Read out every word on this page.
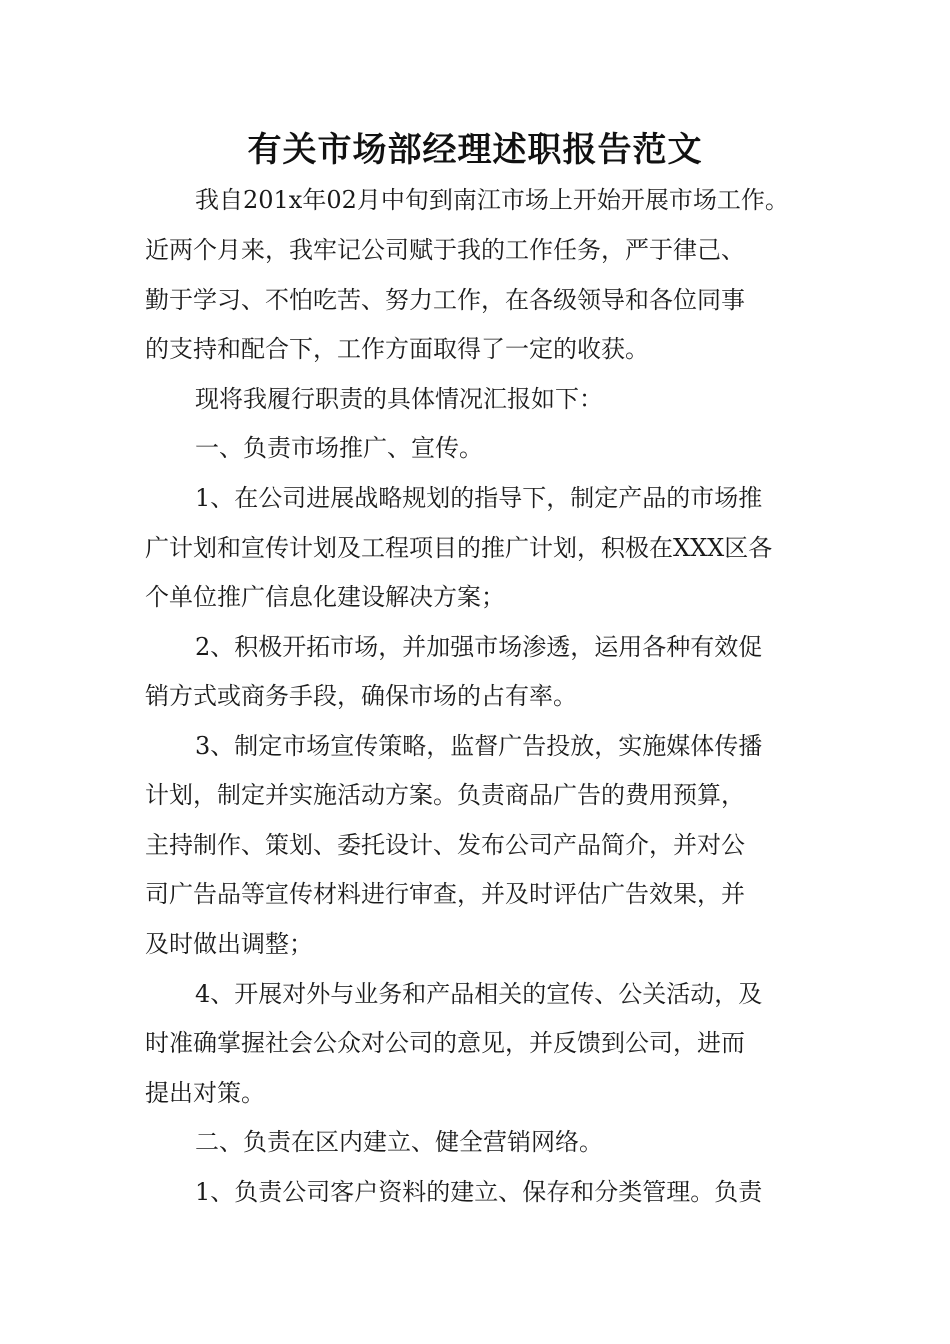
有关市场部经理述职报告范文
我自201x年02月中旬到南江市场上开始开展市场工作。
近两个月来，我牢记公司赋于我的工作任务，严于律己、
勤于学习、不怕吃苦、努力工作，在各级领导和各位同事
的支持和配合下，工作方面取得了一定的收获。
现将我履行职责的具体情况汇报如下：
一、负责市场推广、宣传。
1、在公司进展战略规划的指导下，制定产品的市场推
广计划和宣传计划及工程项目的推广计划，积极在XXX区各
个单位推广信息化建设解决方案；
2、积极开拓市场，并加强市场渗透，运用各种有效促
销方式或商务手段，确保市场的占有率。
3、制定市场宣传策略，监督广告投放，实施媒体传播
计划，制定并实施活动方案。负责商品广告的费用预算，
主持制作、策划、委托设计、发布公司产品简介，并对公
司广告品等宣传材料进行审查，并及时评估广告效果，并
及时做出调整；
4、开展对外与业务和产品相关的宣传、公关活动，及
时准确掌握社会公众对公司的意见，并反馈到公司，进而
提出对策。
二、负责在区内建立、健全营销网络。
1、负责公司客户资料的建立、保存和分类管理。负责
